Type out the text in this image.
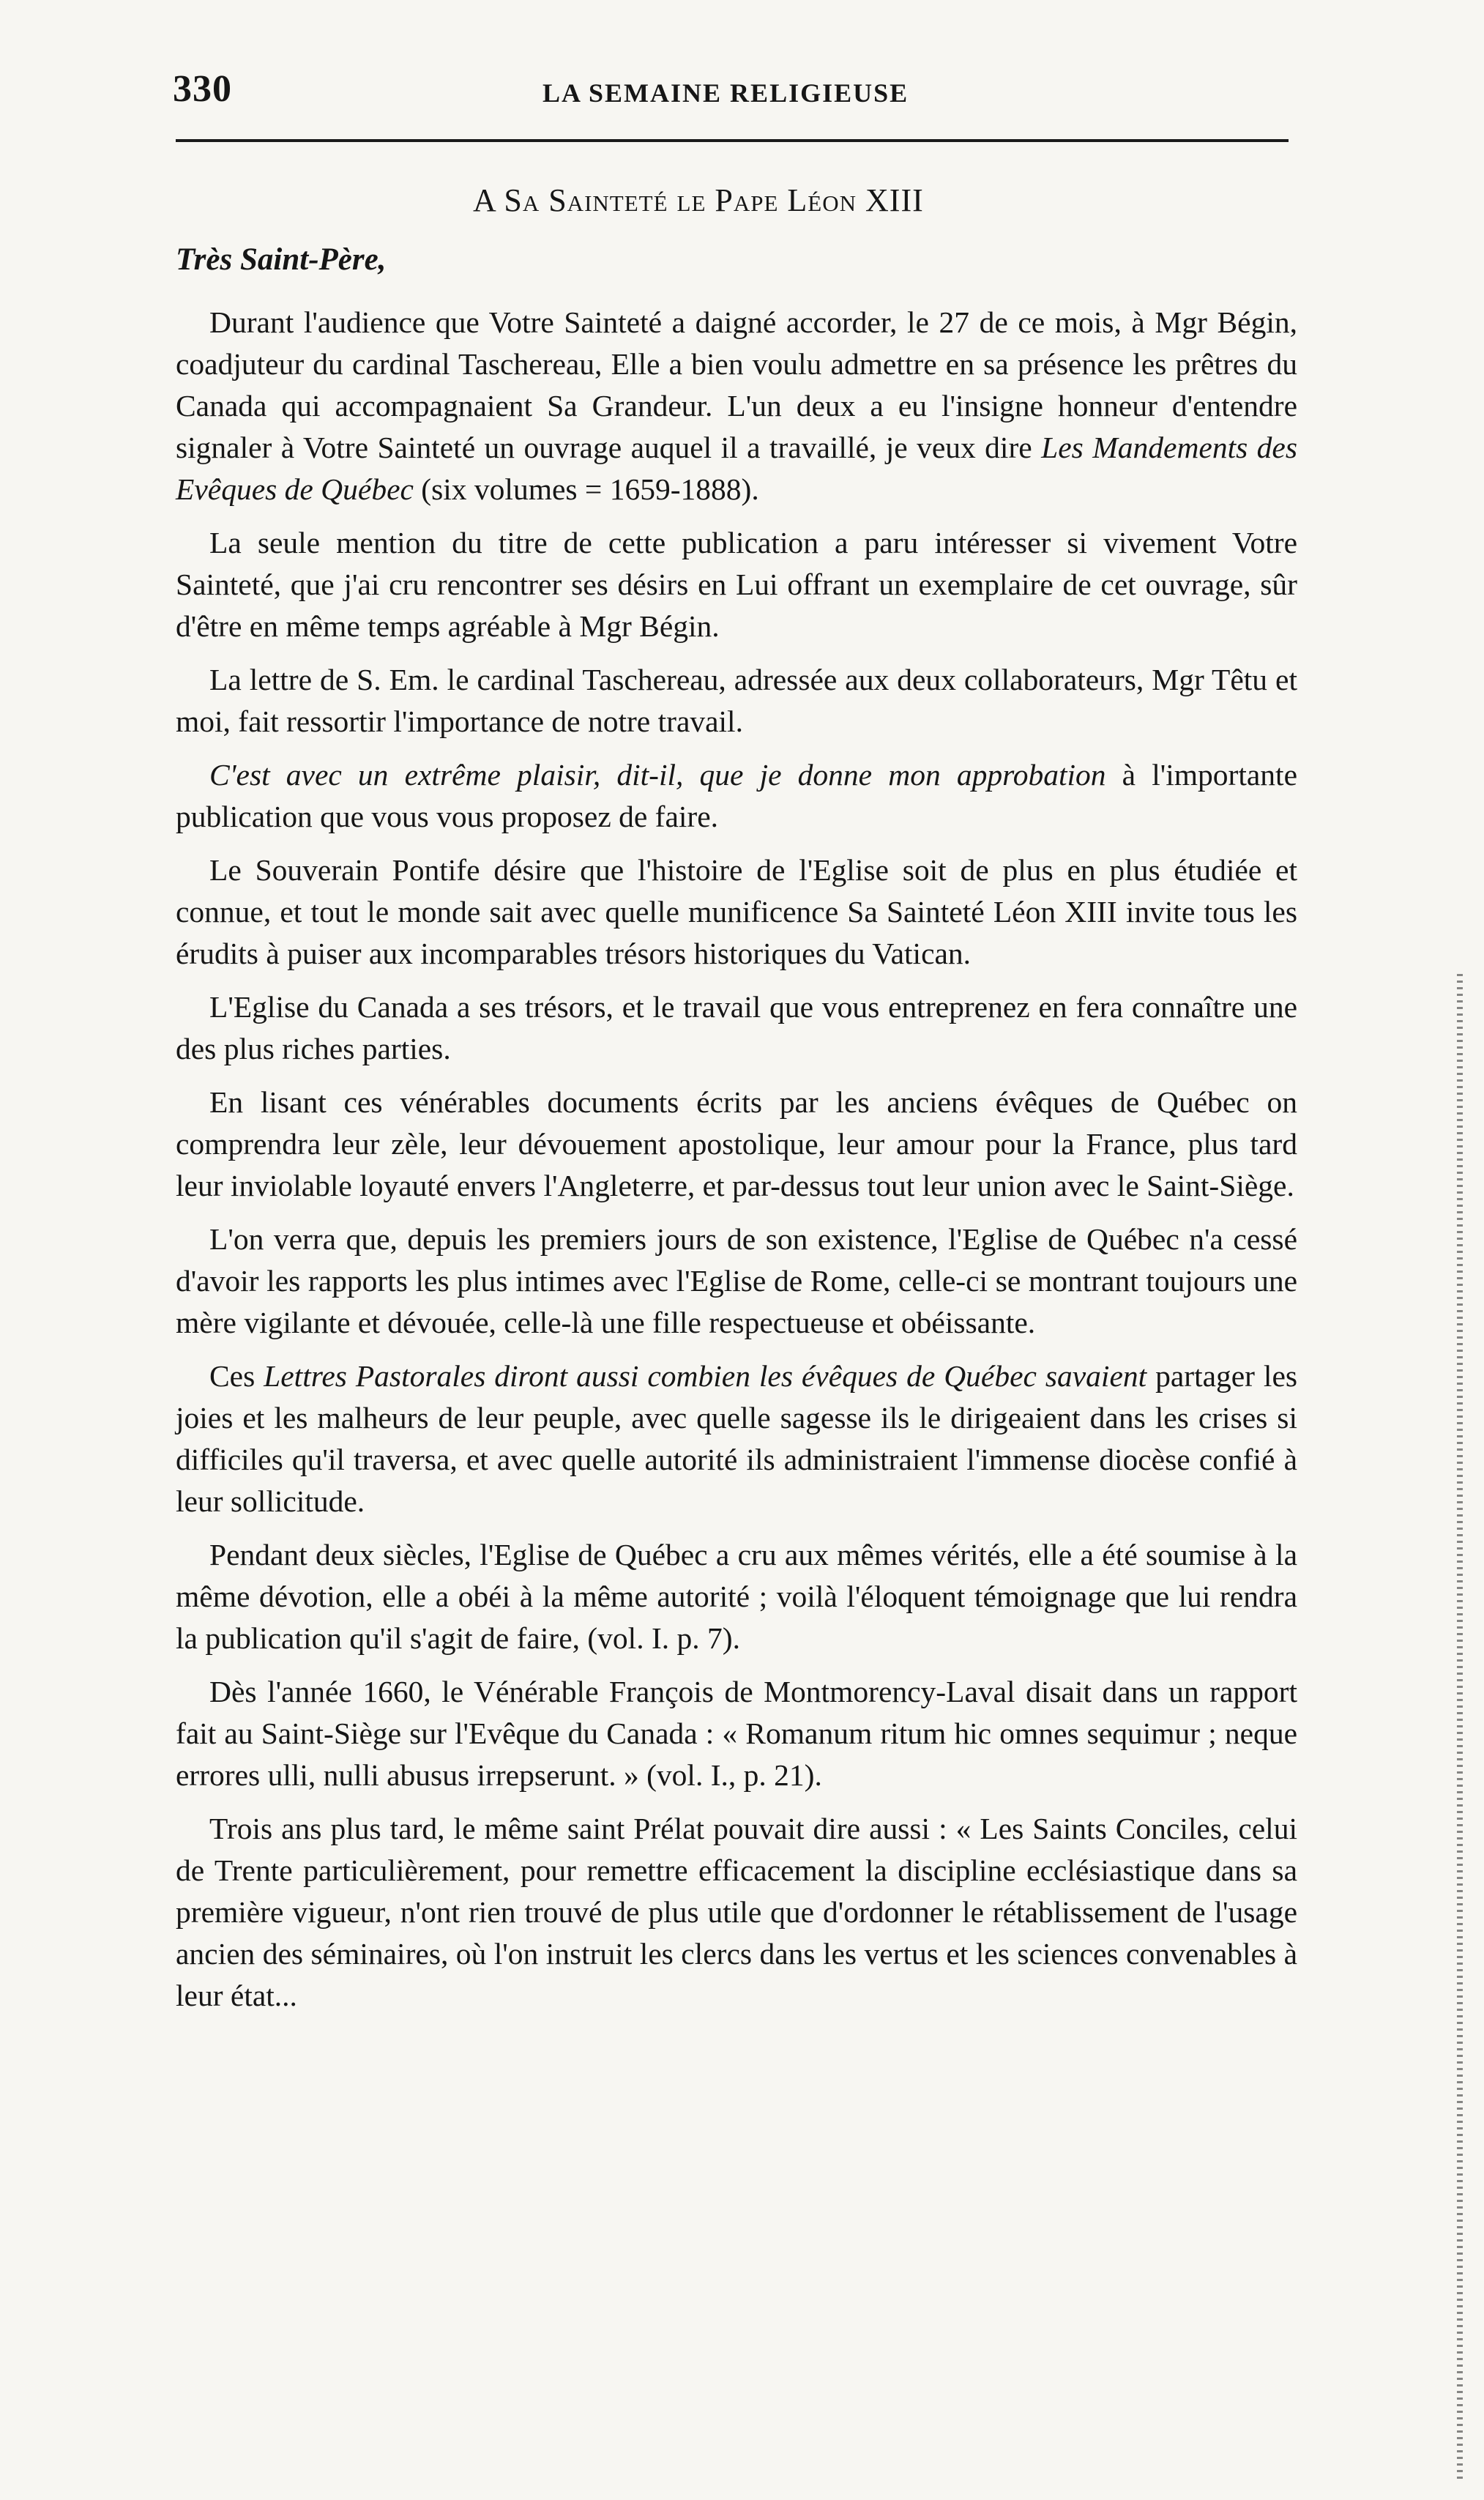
330	LA SEMAINE RELIGIEUSE
A Sa Sainteté le Pape Léon XIII
Très Saint-Père,

Durant l'audience que Votre Sainteté a daigné accorder, le 27 de ce mois, à Mgr Bégin, coadjuteur du cardinal Taschereau, Elle a bien voulu admettre en sa présence les prêtres du Canada qui accompagnaient Sa Grandeur. L'un deux a eu l'insigne honneur d'entendre signaler à Votre Sainteté un ouvrage auquel il a travaillé, je veux dire Les Mandements des Evêques de Québec (six volumes = 1659-1888).

La seule mention du titre de cette publication a paru intéresser si vivement Votre Sainteté, que j'ai cru rencontrer ses désirs en Lui offrant un exemplaire de cet ouvrage, sûr d'être en même temps agréable à Mgr Bégin.

La lettre de S. Em. le cardinal Taschereau, adressée aux deux collaborateurs, Mgr Têtu et moi, fait ressortir l'importance de notre travail.

C'est avec un extrême plaisir, dit-il, que je donne mon approbation à l'importante publication que vous vous proposez de faire.

Le Souverain Pontife désire que l'histoire de l'Eglise soit de plus en plus étudiée et connue, et tout le monde sait avec quelle munificence Sa Sainteté Léon XIII invite tous les érudits à puiser aux incomparables trésors historiques du Vatican.

L'Eglise du Canada a ses trésors, et le travail que vous entreprenez en fera connaître une des plus riches parties.

En lisant ces vénérables documents écrits par les anciens évêques de Québec on comprendra leur zèle, leur dévouement apostolique, leur amour pour la France, plus tard leur inviolable loyauté envers l'Angleterre, et par-dessus tout leur union avec le Saint-Siège.

L'on verra que, depuis les premiers jours de son existence, l'Eglise de Québec n'a cessé d'avoir les rapports les plus intimes avec l'Eglise de Rome, celle-ci se montrant toujours une mère vigilante et dévouée, celle-là une fille respectueuse et obéissante.

Ces Lettres Pastorales diront aussi combien les évêques de Québec savaient partager les joies et les malheurs de leur peuple, avec quelle sagesse ils le dirigeaient dans les crises si difficiles qu'il traversa, et avec quelle autorité ils administraient l'immense diocèse confié à leur sollicitude.

Pendant deux siècles, l'Eglise de Québec a cru aux mêmes vérités, elle a été soumise à la même dévotion, elle a obéi à la même autorité ; voilà l'éloquent témoignage que lui rendra la publication qu'il s'agit de faire, (vol. I. p. 7).

Dès l'année 1660, le Vénérable François de Montmorency-Laval disait dans un rapport fait au Saint-Siège sur l'Evêque du Canada : « Romanum ritum hic omnes sequimur ; neque errores ulli, nulli abusus irrepserunt. » (vol. I., p. 21).

Trois ans plus tard, le même saint Prélat pouvait dire aussi : « Les Saints Conciles, celui de Trente particulièrement, pour remettre efficacement la discipline ecclésiastique dans sa première vigueur, n'ont rien trouvé de plus utile que d'ordonner le rétablissement de l'usage ancien des séminaires, où l'on instruit les clercs dans les vertus et les sciences convenables à leur état...
